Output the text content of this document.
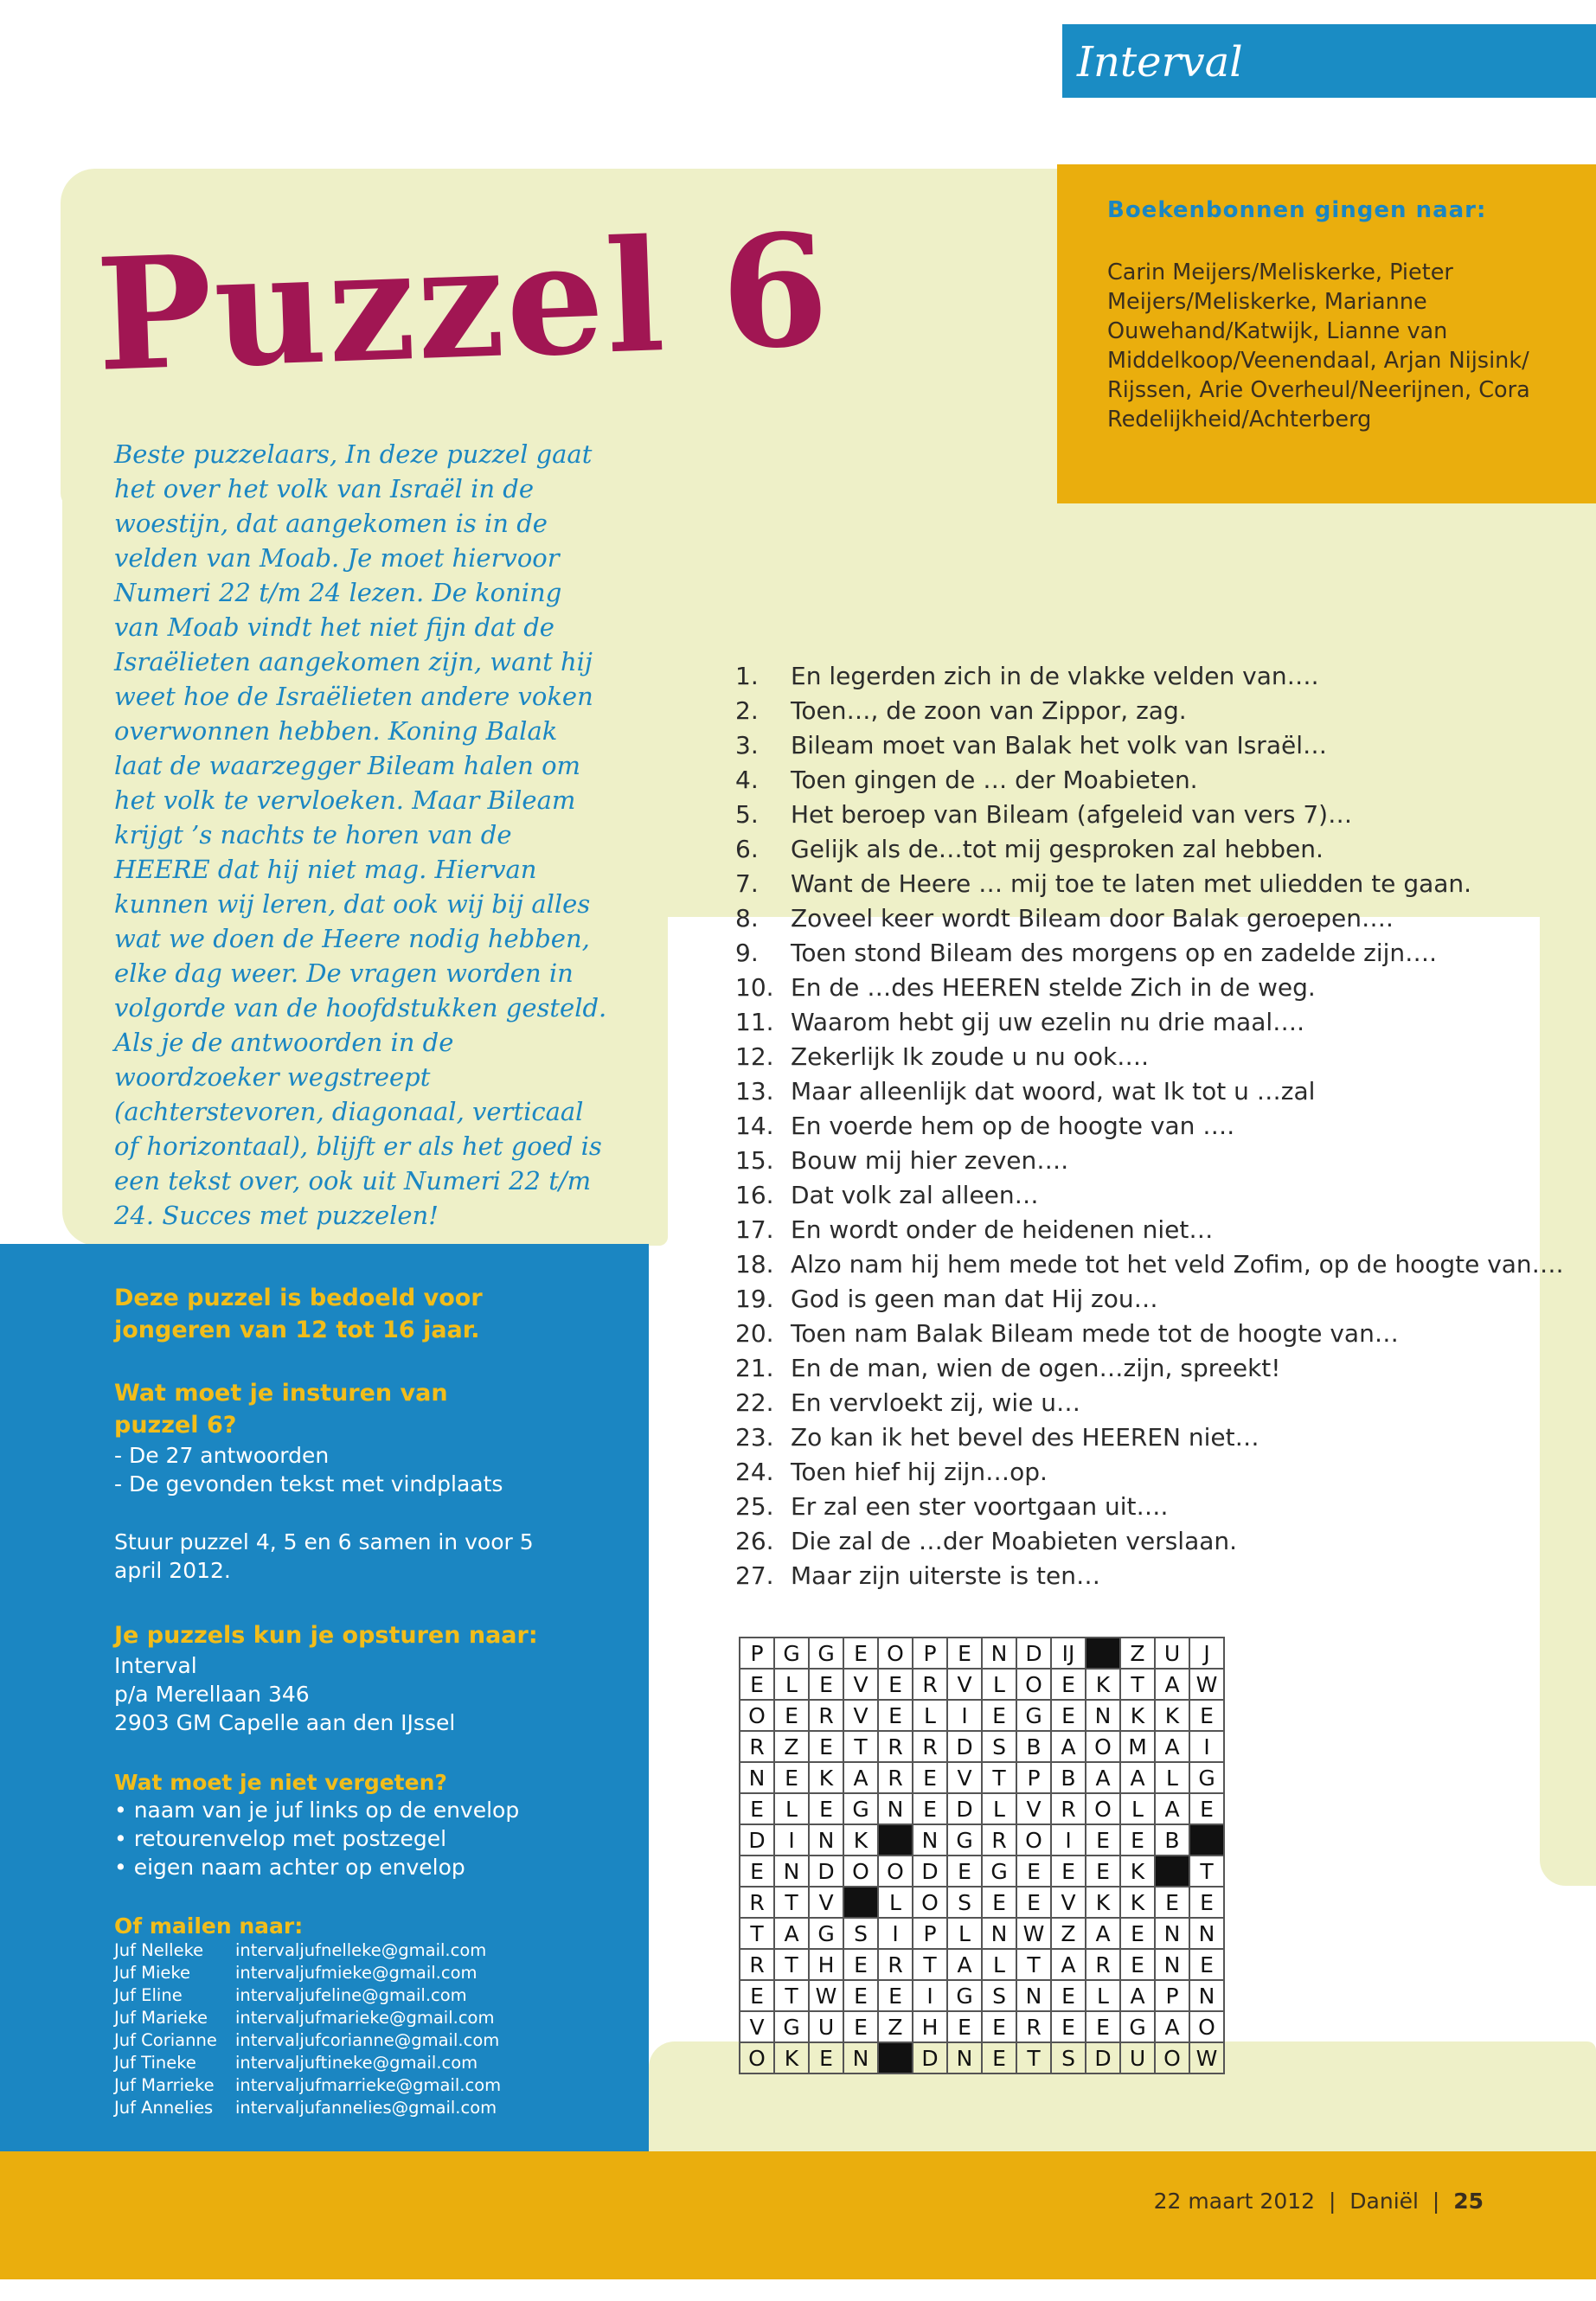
Interval
Boekenbonnen gingen naar:
Carin Meijers/Meliskerke, Pieter Meijers/Meliskerke, Marianne Ouwehand/Katwijk, Lianne van Middelkoop/Veenendaal, Arjan Nijsink/ Rijssen, Arie Overheul/Neerijnen, Cora Redelijkheid/Achterberg
Puzzel 6
Beste puzzelaars, In deze puzzel gaat het over het volk van Israël in de woestijn, dat aangekomen is in de velden van Moab. Je moet hiervoor Numeri 22 t/m 24 lezen. De koning van Moab vindt het niet fijn dat de Israëlieten aangekomen zijn, want hij weet hoe de Israëlieten andere voken overwonnen hebben. Koning Balak laat de waarzegger Bileam halen om het volk te vervloeken. Maar Bileam krijgt ’s nachts te horen van de HEERE dat hij niet mag. Hiervan kunnen wij leren, dat ook wij bij alles wat we doen de Heere nodig hebben, elke dag weer. De vragen worden in volgorde van de hoofdstukken gesteld. Als je de antwoorden in de woordzoeker wegstreept (achterstevoren, diagonaal, verticaal of horizontaal), blijft er als het goed is een tekst over, ook uit Numeri 22 t/m 24. Succes met puzzelen!
Deze puzzel is bedoeld voor jongeren van 12 tot 16 jaar.
Wat moet je insturen van puzzel 6?
- De 27 antwoorden
- De gevonden tekst met vindplaats
Stuur puzzel 4, 5 en 6 samen in voor 5 april 2012.
Je puzzels kun je opsturen naar:
Interval
p/a Merellaan 346
2903 GM Capelle aan den IJssel
Wat moet je niet vergeten?
• naam van je juf links op de envelop
• retourenvelop met postzegel
• eigen naam achter op envelop
Of mailen naar:
Juf Nelleke	intervaljufnelleke@gmail.com
Juf Mieke	intervaljufmieke@gmail.com
Juf Eline	intervaljufeline@gmail.com
Juf Marieke	intervaljufmarieke@gmail.com
Juf Corianne	intervaljufcorianne@gmail.com
Juf Tineke	intervaljuftineke@gmail.com
Juf Marrieke	intervaljufmarrieke@gmail.com
Juf Annelies	intervaljufannelies@gmail.com
1. En legerden zich in de vlakke velden van….
2. Toen…, de zoon van Zippor, zag.
3. Bileam moet van Balak het volk van Israël…
4. Toen gingen de … der Moabieten.
5. Het beroep van Bileam (afgeleid van vers 7)…
6. Gelijk als de…tot mij gesproken zal hebben.
7. Want de Heere … mij toe te laten met uliedden te gaan.
8. Zoveel keer wordt Bileam door Balak geroepen….
9. Toen stond Bileam des morgens op en zadelde zijn….
10. En de …des HEEREN stelde Zich in de weg.
11. Waarom hebt gij uw ezelin nu drie maal….
12. Zekerlijk Ik zoude u nu ook….
13. Maar alleenlijk dat woord, wat Ik tot u …zal
14. En voerde hem op de hoogte van ….
15. Bouw mij hier zeven….
16. Dat volk zal alleen…
17. En wordt onder de heidenen niet…
18. Alzo nam hij hem mede tot het veld Zofim, op de hoogte van….
19. God is geen man dat Hij zou…
20. Toen nam Balak Bileam mede tot de hoogte van…
21. En de man, wien de ogen…zijn, spreekt!
22. En vervloekt zij, wie u…
23. Zo kan ik het bevel des HEEREN niet…
24. Toen hief hij zijn…op.
25. Er zal een ster voortgaan uit….
26. Die zal de …der Moabieten verslaan.
27. Maar zijn uiterste is ten…
P	G	G	E	O	P	E	N	D	IJ		Z	U	J
E	L	E	V	E	R	V	L	O	E	K	T	A	W
O	E	R	V	E	L	I	E	G	E	N	K	K	E
R	Z	E	T	R	R	D	S	B	A	O	M	A	I
N	E	K	A	R	E	V	T	P	B	A	A	L	G
E	L	E	G	N	E	D	L	V	R	O	L	A	E
D	I	N	K		N	G	R	O	I	E	E	B	
E	N	D	O	O	D	E	G	E	E	E	K		T
R	T	V		L	O	S	E	E	V	K	K	E	E
T	A	G	S	I	P	L	N	W	Z	A	E	N	N
R	T	H	E	R	T	A	L	T	A	R	E	N	E
E	T	W	E	E	I	G	S	N	E	L	A	P	N
V	G	U	E	Z	H	E	E	R	E	E	G	A	O
O	K	E	N		D	N	E	T	S	D	U	O	W
22 maart 2012  |  Daniël  |  25
